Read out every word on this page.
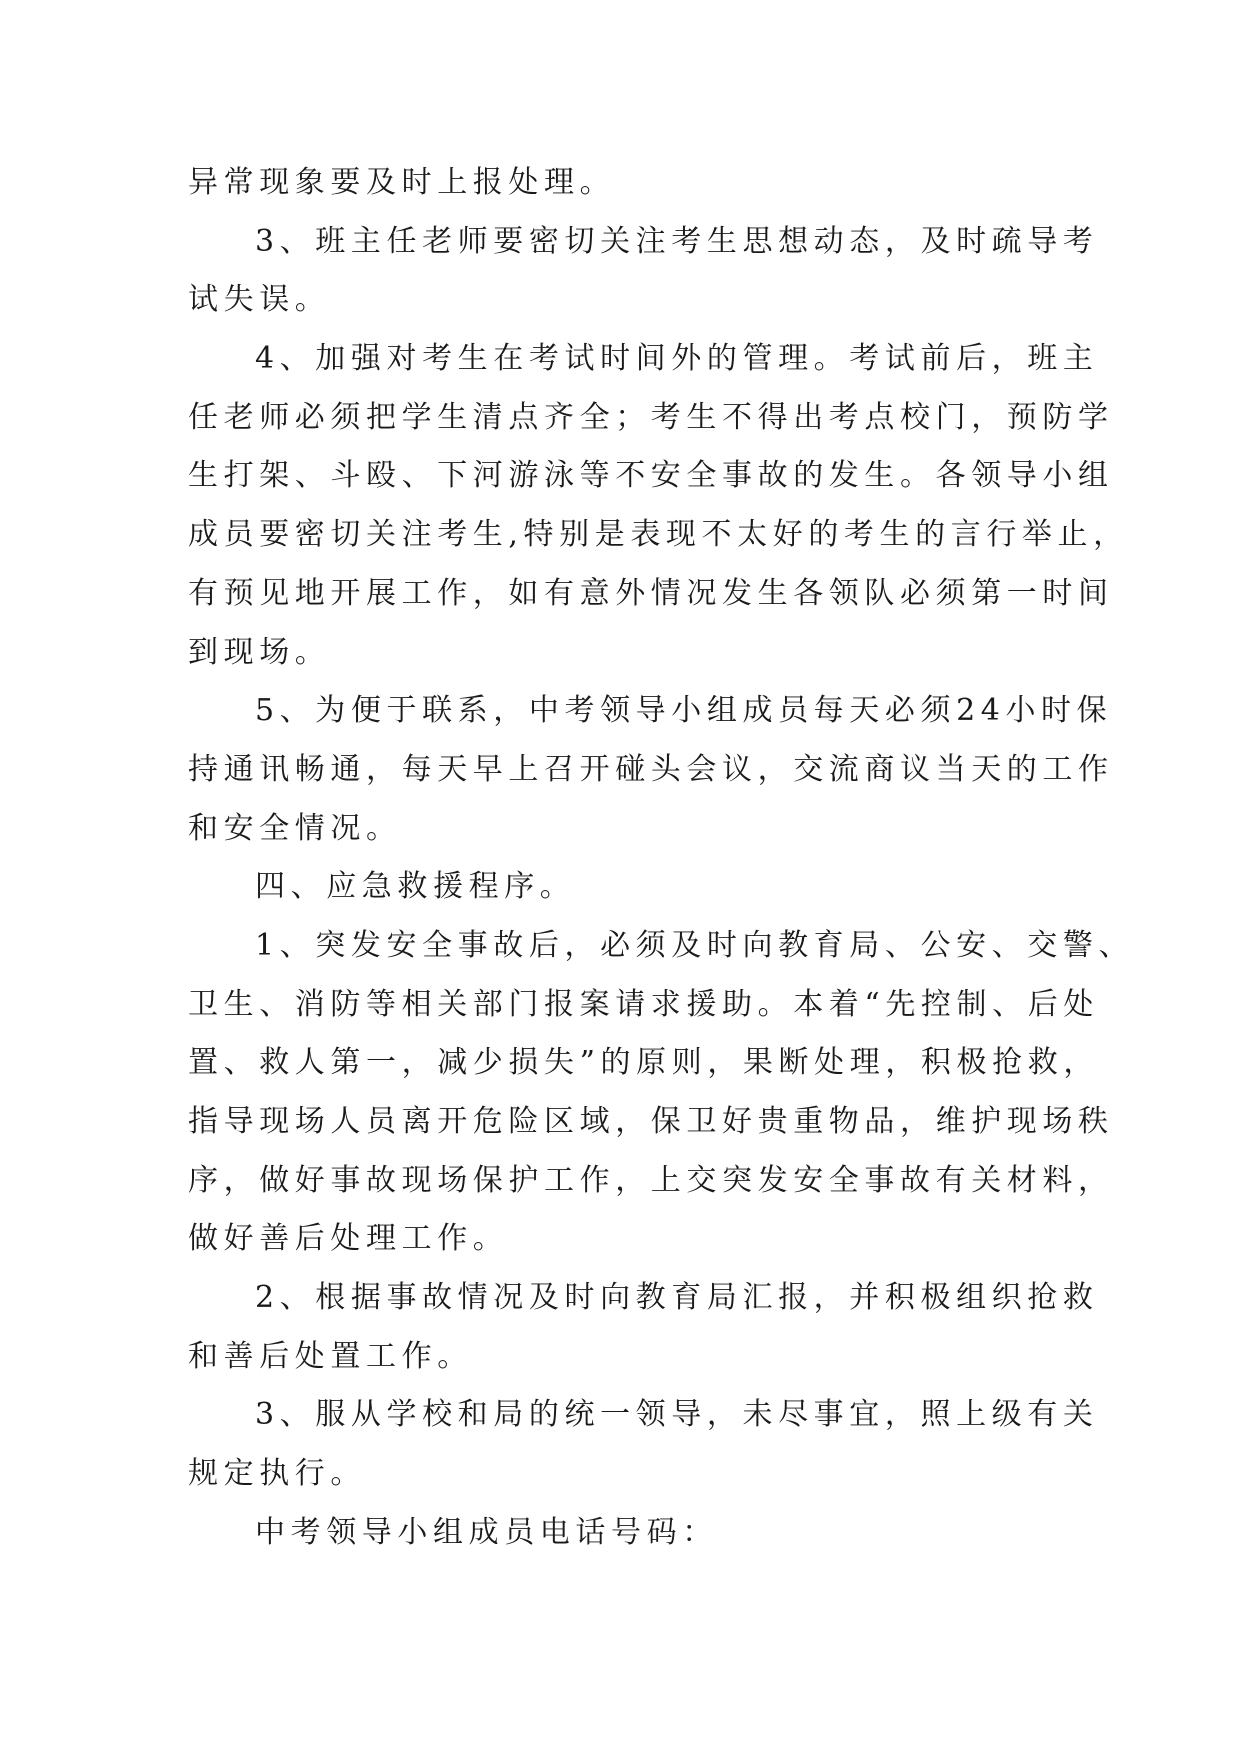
异常现象要及时上报处理。
3、班主任老师要密切关注考生思想动态，及时疏导考
试失误。
4、加强对考生在考试时间外的管理。考试前后，班主
任老师必须把学生清点齐全；考生不得出考点校门，预防学
生打架、斗殴、下河游泳等不安全事故的发生。各领导小组
成员要密切关注考生,特别是表现不太好的考生的言行举止，
有预见地开展工作，如有意外情况发生各领队必须第一时间
到现场。
5、为便于联系，中考领导小组成员每天必须24小时保
持通讯畅通，每天早上召开碰头会议，交流商议当天的工作
和安全情况。
四、应急救援程序。
1、突发安全事故后，必须及时向教育局、公安、交警、
卫生、消防等相关部门报案请求援助。本着“先控制、后处
置、救人第一，减少损失”的原则，果断处理，积极抢救，
指导现场人员离开危险区域，保卫好贵重物品，维护现场秩
序，做好事故现场保护工作，上交突发安全事故有关材料，
做好善后处理工作。
2、根据事故情况及时向教育局汇报，并积极组织抢救
和善后处置工作。
3、服从学校和局的统一领导，未尽事宜，照上级有关
规定执行。
中考领导小组成员电话号码：
